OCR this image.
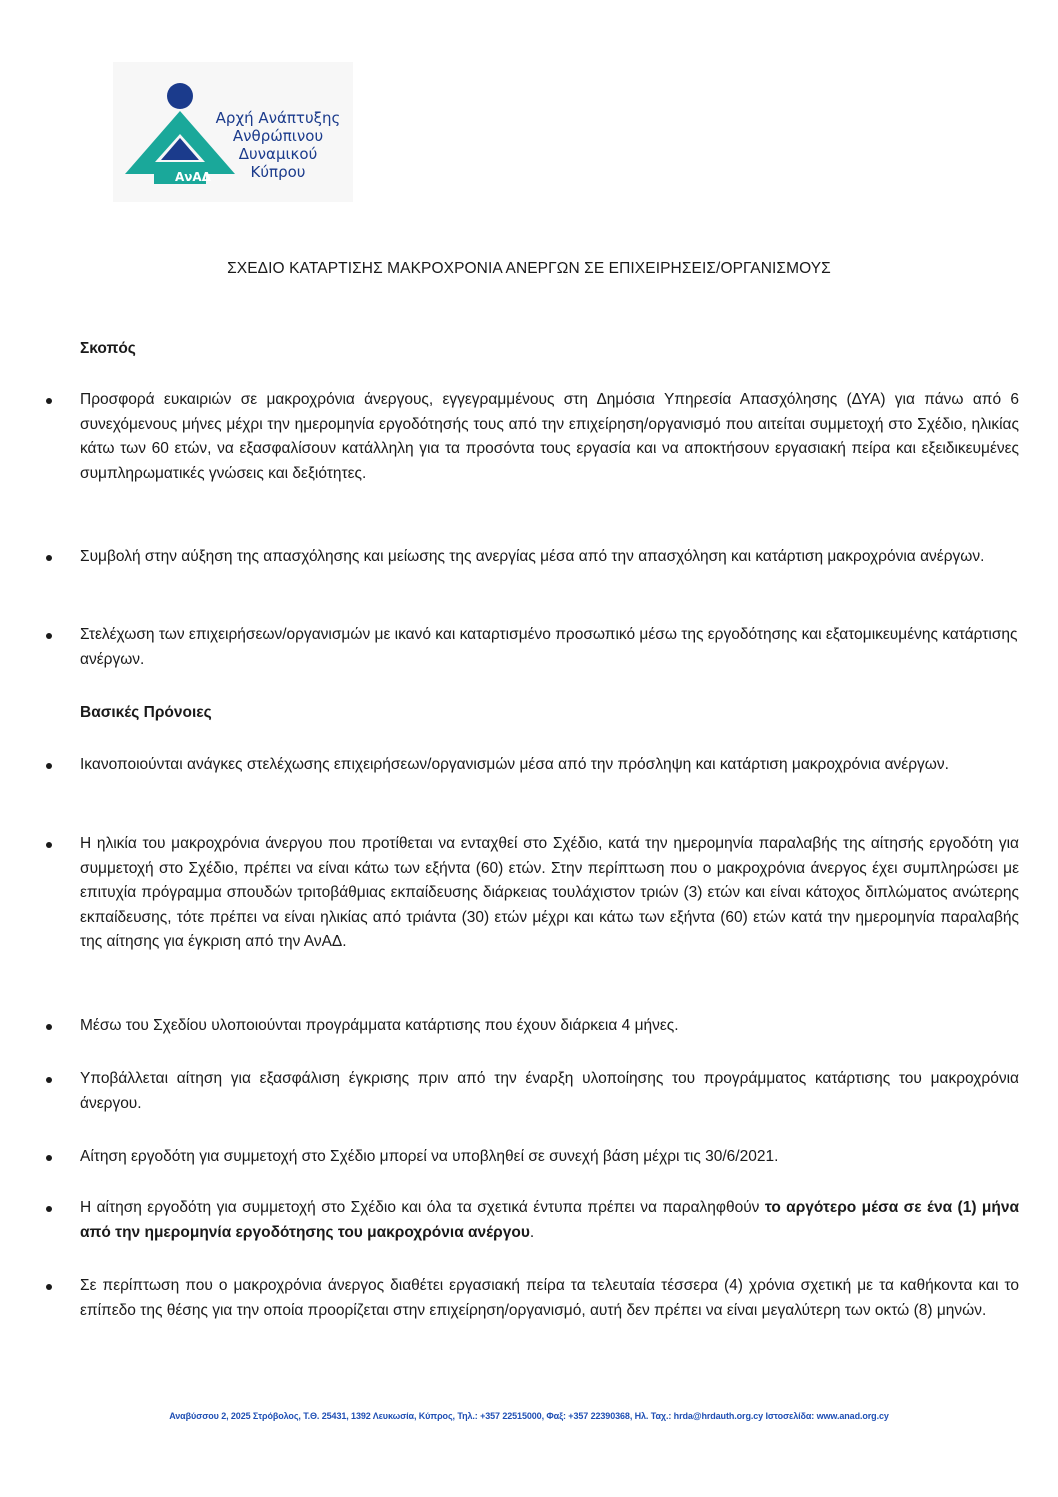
ΑνΑΔ
Αρχή Ανάπτυξης
Ανθρώπινου
Δυναμικού
Κύπρου
ΣΧΕΔΙΟ ΚΑΤΑΡΤΙΣΗΣ ΜΑΚΡΟΧΡΟΝΙΑ ΑΝΕΡΓΩΝ ΣΕ ΕΠΙΧΕΙΡΗΣΕΙΣ/ΟΡΓΑΝΙΣΜΟΥΣ
Σκοπός
Προσφορά ευκαιριών σε μακροχρόνια άνεργους, εγγεγραμμένους στη Δημόσια Υπηρεσία Απασχόλησης (ΔΥΑ) για πάνω από 6 συνεχόμενους μήνες μέχρι την ημερομηνία εργοδότησής τους από την επιχείρηση/οργανισμό που αιτείται συμμετοχή στο Σχέδιο, ηλικίας κάτω των 60 ετών, να εξασφαλίσουν κατάλληλη για τα προσόντα τους εργασία και να αποκτήσουν εργασιακή πείρα και εξειδικευμένες συμπληρωματικές γνώσεις και δεξιότητες.
Συμβολή στην αύξηση της απασχόλησης και μείωσης της ανεργίας μέσα από την απασχόληση και κατάρτιση μακροχρόνια ανέργων.
Στελέχωση των επιχειρήσεων/οργανισμών με ικανό και καταρτισμένο προσωπικό μέσω της εργοδότησης και εξατομικευμένης κατάρτισης ανέργων.
Βασικές Πρόνοιες
Ικανοποιούνται ανάγκες στελέχωσης επιχειρήσεων/οργανισμών μέσα από την πρόσληψη και κατάρτιση μακροχρόνια ανέργων.
Η ηλικία του μακροχρόνια άνεργου που προτίθεται να ενταχθεί στο Σχέδιο, κατά την ημερομηνία παραλαβής της αίτησής εργοδότη για συμμετοχή στο Σχέδιο, πρέπει να είναι κάτω των εξήντα (60) ετών. Στην περίπτωση που ο μακροχρόνια άνεργος έχει συμπληρώσει με επιτυχία πρόγραμμα σπουδών τριτοβάθμιας εκπαίδευσης διάρκειας τουλάχιστον τριών (3) ετών και είναι κάτοχος διπλώματος ανώτερης εκπαίδευσης, τότε πρέπει να είναι ηλικίας από τριάντα (30) ετών μέχρι και κάτω των εξήντα (60) ετών κατά την ημερομηνία παραλαβής της αίτησης για έγκριση από την ΑνΑΔ.
Μέσω του Σχεδίου υλοποιούνται προγράμματα κατάρτισης που έχουν διάρκεια 4 μήνες.
Υποβάλλεται αίτηση για εξασφάλιση έγκρισης πριν από την έναρξη υλοποίησης του προγράμματος κατάρτισης του μακροχρόνια άνεργου.
Αίτηση εργοδότη για συμμετοχή στο Σχέδιο μπορεί να υποβληθεί σε συνεχή βάση μέχρι τις 30/6/2021.
Η αίτηση εργοδότη για συμμετοχή στο Σχέδιο και όλα τα σχετικά έντυπα πρέπει να παραληφθούν το αργότερο μέσα σε ένα (1) μήνα από την ημερομηνία εργοδότησης του μακροχρόνια ανέργου.
Σε περίπτωση που ο μακροχρόνια άνεργος διαθέτει εργασιακή πείρα τα τελευταία τέσσερα (4) χρόνια σχετική με τα καθήκοντα και το επίπεδο της θέσης για την οποία προορίζεται στην επιχείρηση/οργανισμό, αυτή δεν πρέπει να είναι μεγαλύτερη των οκτώ (8) μηνών.
Αναβύσσου 2, 2025 Στρόβολος, Τ.Θ. 25431, 1392 Λευκωσία, Κύπρος, Τηλ.: +357 22515000, Φαξ: +357 22390368, Ηλ. Ταχ.: hrda@hrdauth.org.cy Ιστοσελίδα: www.anad.org.cy
